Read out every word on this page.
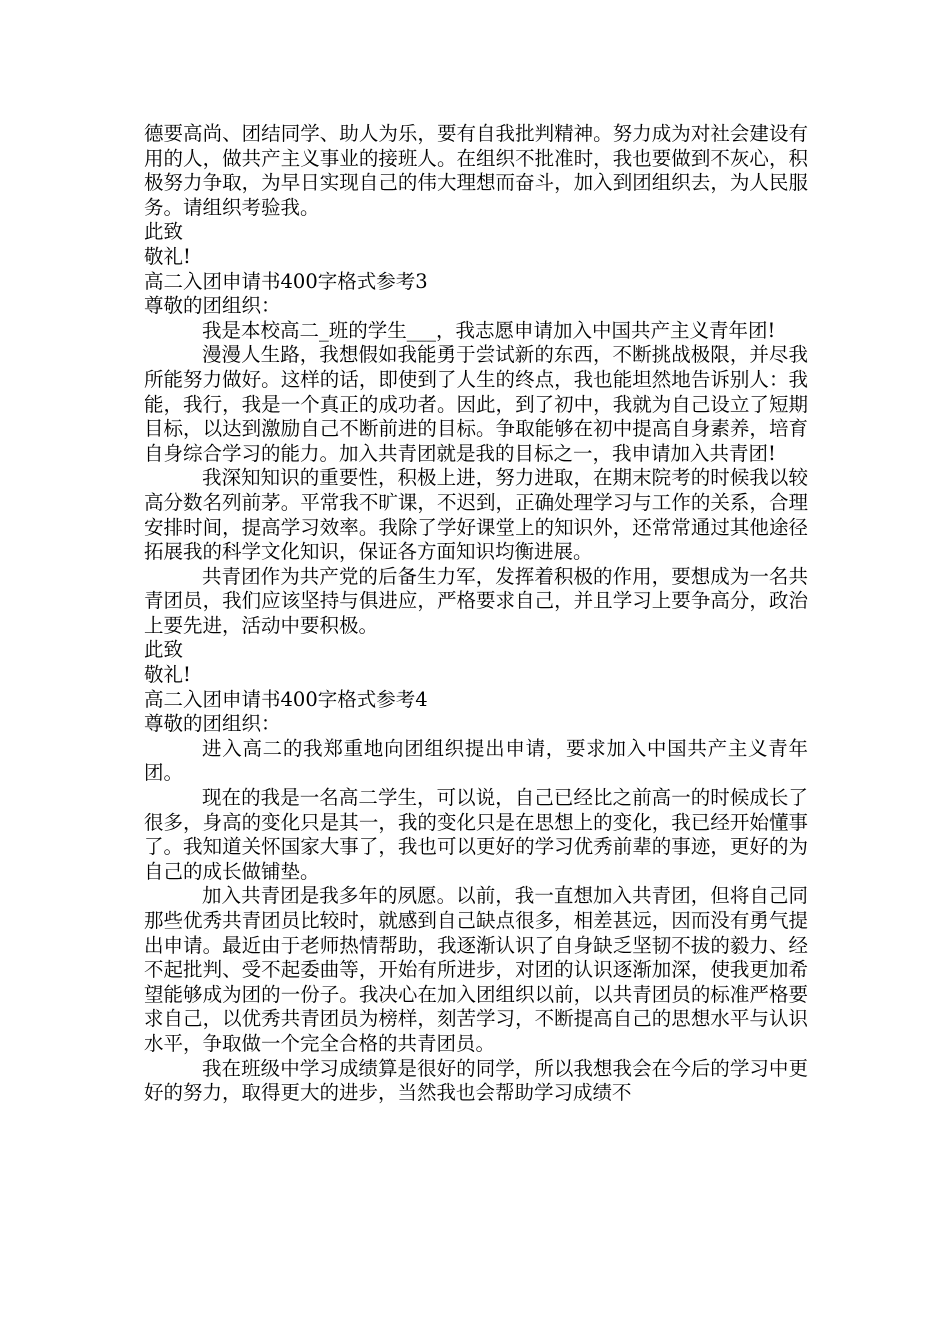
德要高尚、团结同学、助人为乐，要有自我批判精神。努力成为对社会建设有用的人，做共产主义事业的接班人。在组织不批准时，我也要做到不灰心，积极努力争取，为早日实现自己的伟大理想而奋斗，加入到团组织去，为人民服务。请组织考验我。

此致

敬礼!

高二入团申请书400字格式参考3

尊敬的团组织：

我是本校高二_班的学生___，我志愿申请加入中国共产主义青年团!

漫漫人生路，我想假如我能勇于尝试新的东西，不断挑战极限，并尽我所能努力做好。这样的话，即使到了人生的终点，我也能坦然地告诉别人：我能，我行，我是一个真正的成功者。因此，到了初中，我就为自己设立了短期目标，以达到激励自己不断前进的目标。争取能够在初中提高自身素养，培育自身综合学习的能力。加入共青团就是我的目标之一，我申请加入共青团!

我深知知识的重要性，积极上进，努力进取，在期末院考的时候我以较高分数名列前茅。平常我不旷课，不迟到，正确处理学习与工作的关系，合理安排时间，提高学习效率。我除了学好课堂上的知识外，还常常通过其他途径拓展我的科学文化知识，保证各方面知识均衡进展。

共青团作为共产党的后备生力军，发挥着积极的作用，要想成为一名共青团员，我们应该坚持与俱进应，严格要求自己，并且学习上要争高分，政治上要先进，活动中要积极。

此致

敬礼!

高二入团申请书400字格式参考4

尊敬的团组织：

进入高二的我郑重地向团组织提出申请，要求加入中国共产主义青年团。

现在的我是一名高二学生，可以说，自己已经比之前高一的时候成长了很多，身高的变化只是其一，我的变化只是在思想上的变化，我已经开始懂事了。我知道关怀国家大事了，我也可以更好的学习优秀前辈的事迹，更好的为自己的成长做铺垫。

加入共青团是我多年的夙愿。以前，我一直想加入共青团，但将自己同那些优秀共青团员比较时，就感到自己缺点很多，相差甚远，因而没有勇气提出申请。最近由于老师热情帮助，我逐渐认识了自身缺乏坚韧不拔的毅力、经不起批判、受不起委曲等，开始有所进步，对团的认识逐渐加深，使我更加希望能够成为团的一份子。我决心在加入团组织以前，以共青团员的标准严格要求自己，以优秀共青团员为榜样，刻苦学习，不断提高自己的思想水平与认识水平，争取做一个完全合格的共青团员。

我在班级中学习成绩算是很好的同学，所以我想我会在今后的学习中更好的努力，取得更大的进步，当然我也会帮助学习成绩不
